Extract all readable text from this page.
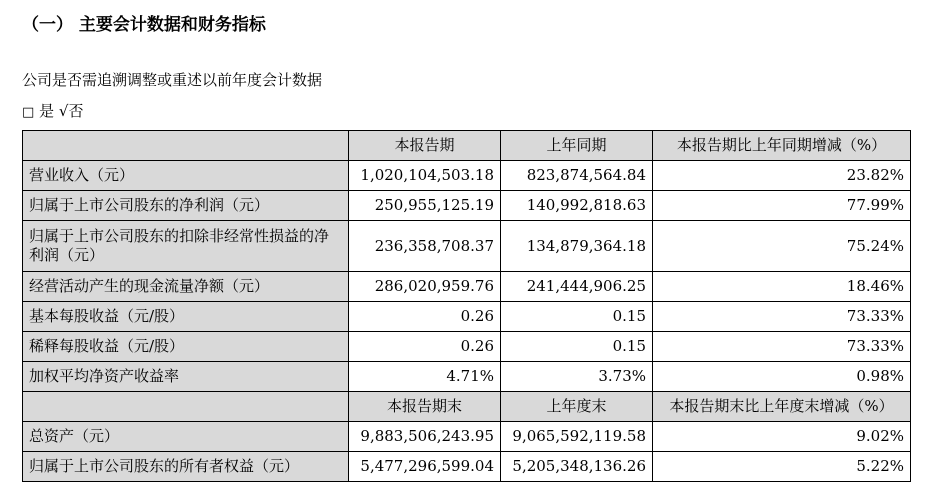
（一） 主要会计数据和财务指标
公司是否需追溯调整或重述以前年度会计数据
□ 是 √否
	本报告期	上年同期	本报告期比上年同期增减（%）
营业收入（元）	1,020,104,503.18	823,874,564.84	23.82%
归属于上市公司股东的净利润（元）	250,955,125.19	140,992,818.63	77.99%
归属于上市公司股东的扣除非经常性损益的净利润（元）	236,358,708.37	134,879,364.18	75.24%
经营活动产生的现金流量净额（元）	286,020,959.76	241,444,906.25	18.46%
基本每股收益（元/股）	0.26	0.15	73.33%
稀释每股收益（元/股）	0.26	0.15	73.33%
加权平均净资产收益率	4.71%	3.73%	0.98%
	本报告期末	上年度末	本报告期末比上年度末增减（%）
总资产（元）	9,883,506,243.95	9,065,592,119.58	9.02%
归属于上市公司股东的所有者权益（元）	5,477,296,599.04	5,205,348,136.26	5.22%
